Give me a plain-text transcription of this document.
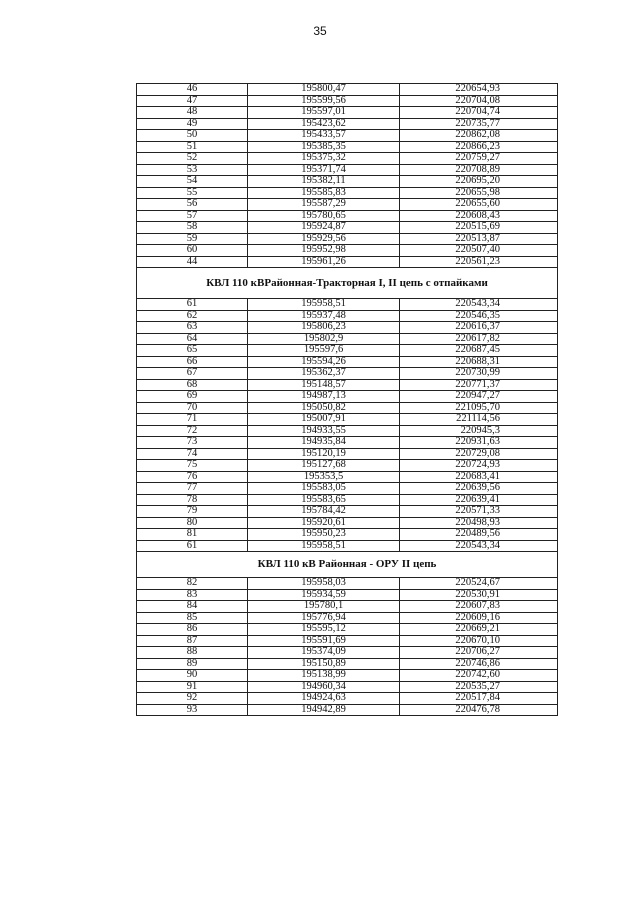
35
46	195800,47	220654,93
47	195599,56	220704,08
48	195597,01	220704,74
49	195423,62	220735,77
50	195433,57	220862,08
51	195385,35	220866,23
52	195375,32	220759,27
53	195371,74	220708,89
54	195382,11	220695,20
55	195585,83	220655,98
56	195587,29	220655,60
57	195780,65	220608,43
58	195924,87	220515,69
59	195929,56	220513,87
60	195952,98	220507,40
44	195961,26	220561,23
КВЛ 110 кВРайонная-Тракторная I, II цепь с отпайками		
61	195958,51	220543,34
62	195937,48	220546,35
63	195806,23	220616,37
64	195802,9	220617,82
65	195597,6	220687,45
66	195594,26	220688,31
67	195362,37	220730,99
68	195148,57	220771,37
69	194987,13	220947,27
70	195050,82	221095,70
71	195007,91	221114,56
72	194933,55	220945,3
73	194935,84	220931,63
74	195120,19	220729,08
75	195127,68	220724,93
76	195353,5	220683,41
77	195583,05	220639,56
78	195583,65	220639,41
79	195784,42	220571,33
80	195920,61	220498,93
81	195950,23	220489,56
61	195958,51	220543,34
КВЛ 110 кВ Районная - ОРУ II цепь		
82	195958,03	220524,67
83	195934,59	220530,91
84	195780,1	220607,83
85	195776,94	220609,16
86	195595,12	220669,21
87	195591,69	220670,10
88	195374,09	220706,27
89	195150,89	220746,86
90	195138,99	220742,60
91	194960,34	220535,27
92	194924,63	220517,84
93	194942,89	220476,78
